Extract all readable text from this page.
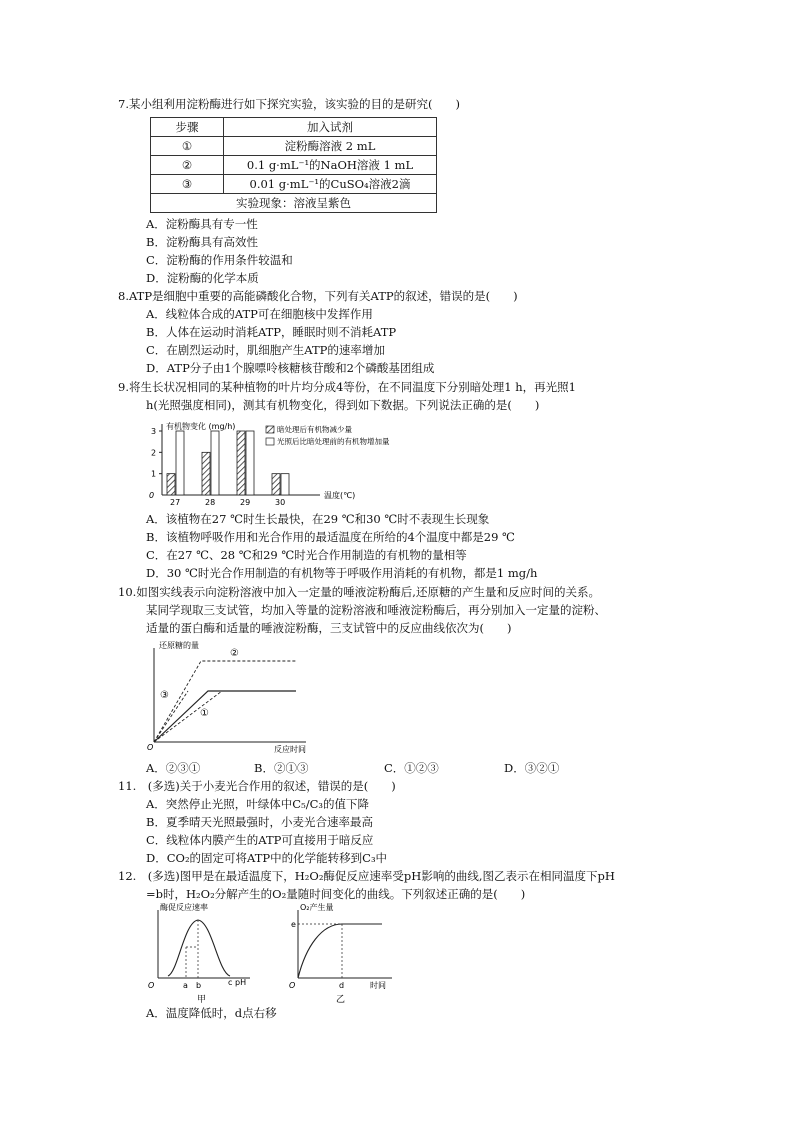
7.某小组利用淀粉酶进行如下探究实验，该实验的目的是研究(　　)
步骤	加入试剂
①	淀粉酶溶液 2 mL
②	0.1 g·mL⁻¹的NaOH溶液 1 mL
③	0.01 g·mL⁻¹的CuSO₄溶液2滴
实验现象：溶液呈紫色	
A．淀粉酶具有专一性
B．淀粉酶具有高效性
C．淀粉酶的作用条件较温和
D．淀粉酶的化学本质
8.ATP是细胞中重要的高能磷酸化合物，下列有关ATP的叙述，错误的是(　　)
A．线粒体合成的ATP可在细胞核中发挥作用
B．人体在运动时消耗ATP，睡眠时则不消耗ATP
C．在剧烈运动时，肌细胞产生ATP的速率增加
D．ATP分子由1个腺嘌呤核糖核苷酸和2个磷酸基团组成
9.将生长状况相同的某种植物的叶片均分成4等份，在不同温度下分别暗处理1 h，再光照1
h(光照强度相同)，测其有机物变化，得到如下数据。下列说法正确的是(　　)
有机物变化 (mg/h)
温度(℃)
0
1
2
3
27	28	29	30
暗处理后有机物减少量
光照后比暗处理前的有机物增加量
A．该植物在27 ℃时生长最快，在29 ℃和30 ℃时不表现生长现象
B．该植物呼吸作用和光合作用的最适温度在所给的4个温度中都是29 ℃
C．在27 ℃、28 ℃和29 ℃时光合作用制造的有机物的量相等
D．30 ℃时光合作用制造的有机物等于呼吸作用消耗的有机物，都是1 mg/h
10.如图实线表示向淀粉溶液中加入一定量的唾液淀粉酶后,还原糖的产生量和反应时间的关系。
某同学现取三支试管，均加入等量的淀粉溶液和唾液淀粉酶后，再分别加入一定量的淀粉、
适量的蛋白酶和适量的唾液淀粉酶，三支试管中的反应曲线依次为(　　)
还原糖的量
反应时间
O
②
③
①
A．②③①	B．②①③	C．①②③	D．③②①
11.　(多选)关于小麦光合作用的叙述，错误的是(　　)
A．突然停止光照，叶绿体中C₅/C₃的值下降
B．夏季晴天光照最强时，小麦光合速率最高
C．线粒体内膜产生的ATP可直接用于暗反应
D．CO₂的固定可将ATP中的化学能转移到C₃中
12.　(多选)图甲是在最适温度下，H₂O₂酶促反应速率受pH影响的曲线,图乙表示在相同温度下pH
=b时，H₂O₂分解产生的O₂量随时间变化的曲线。下列叙述正确的是(　　)
酶促反应速率
O	a b	c pH
甲
O₂产生量
e
O	d	时间
乙
A．温度降低时，d点右移
